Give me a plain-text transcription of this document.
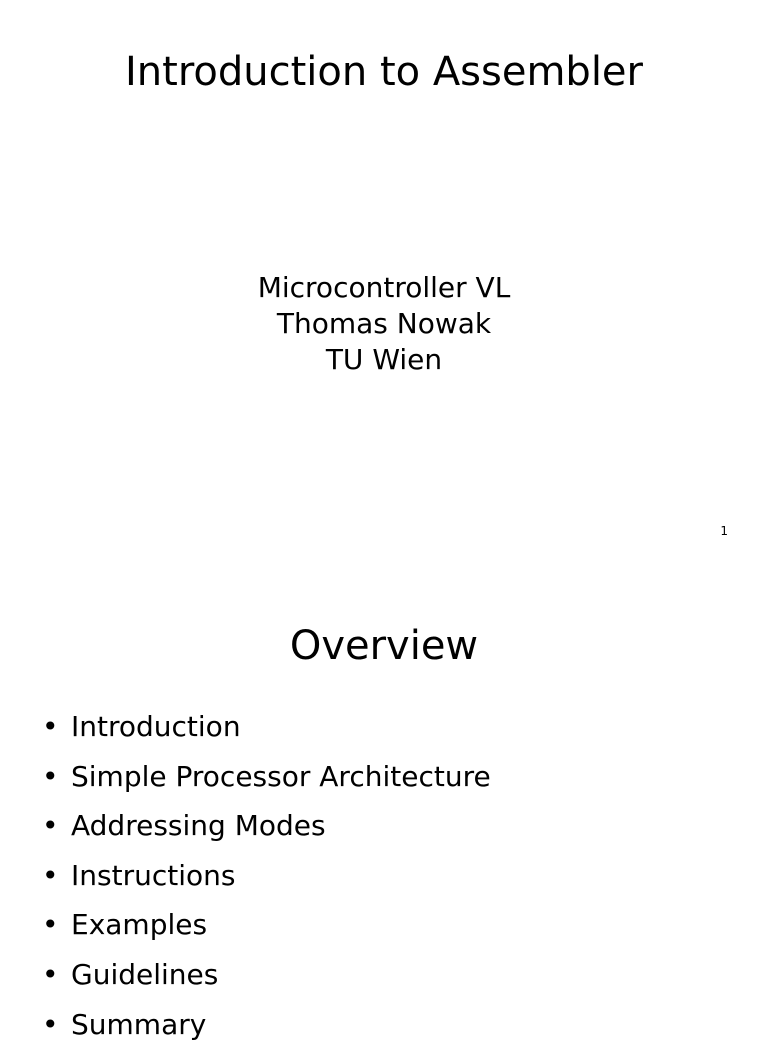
Introduction to Assembler
Microcontroller VL
Thomas Nowak
TU Wien
1
Overview
• Introduction
• Simple Processor Architecture
• Addressing Modes
• Instructions
• Examples
• Guidelines
• Summary
